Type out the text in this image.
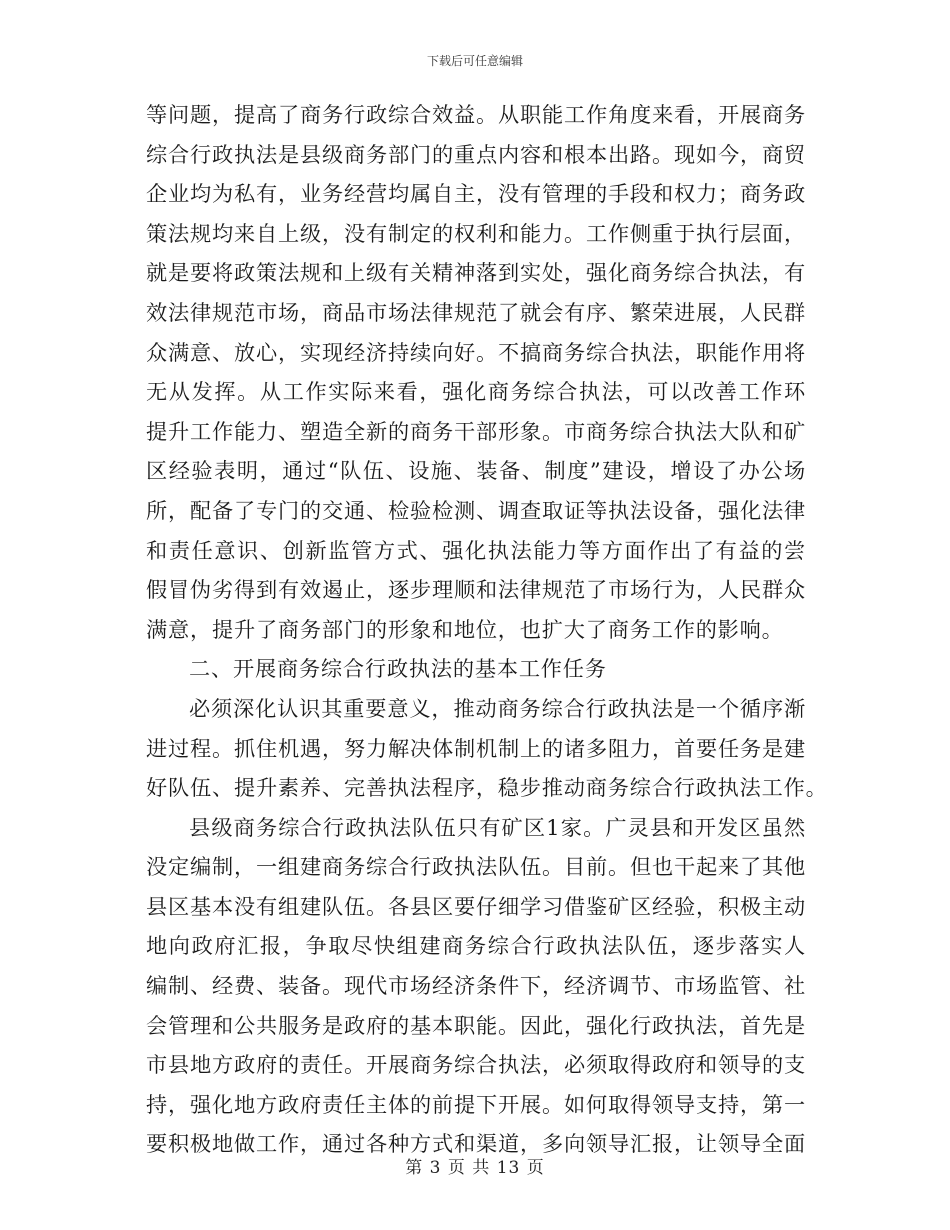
下载后可任意编辑
等问题，提高了商务行政综合效益。从职能工作角度来看，开展商务
综合行政执法是县级商务部门的重点内容和根本出路。现如今，商贸
企业均为私有，业务经营均属自主，没有管理的手段和权力；商务政
策法规均来自上级，没有制定的权利和能力。工作侧重于执行层面，
就是要将政策法规和上级有关精神落到实处，强化商务综合执法，有
效法律规范市场，商品市场法律规范了就会有序、繁荣进展，人民群
众满意、放心，实现经济持续向好。不搞商务综合执法，职能作用将
无从发挥。从工作实际来看，强化商务综合执法，可以改善工作环
提升工作能力、塑造全新的商务干部形象。市商务综合执法大队和矿
区经验表明，通过“队伍、设施、装备、制度”建设，增设了办公场
所，配备了专门的交通、检验检测、调查取证等执法设备，强化法律
和责任意识、创新监管方式、强化执法能力等方面作出了有益的尝
假冒伪劣得到有效遏止，逐步理顺和法律规范了市场行为，人民群众
满意，提升了商务部门的形象和地位，也扩大了商务工作的影响。
二、开展商务综合行政执法的基本工作任务
必须深化认识其重要意义，推动商务综合行政执法是一个循序渐
进过程。抓住机遇，努力解决体制机制上的诸多阻力，首要任务是建
好队伍、提升素养、完善执法程序，稳步推动商务综合行政执法工作。
县级商务综合行政执法队伍只有矿区1家。广灵县和开发区虽然
没定编制，一组建商务综合行政执法队伍。目前。但也干起来了其他
县区基本没有组建队伍。各县区要仔细学习借鉴矿区经验，积极主动
地向政府汇报，争取尽快组建商务综合行政执法队伍，逐步落实人
编制、经费、装备。现代市场经济条件下，经济调节、市场监管、社
会管理和公共服务是政府的基本职能。因此，强化行政执法，首先是
市县地方政府的责任。开展商务综合执法，必须取得政府和领导的支
持，强化地方政府责任主体的前提下开展。如何取得领导支持，第一
要积极地做工作，通过各种方式和渠道，多向领导汇报，让领导全面
第 3 页 共 13 页
